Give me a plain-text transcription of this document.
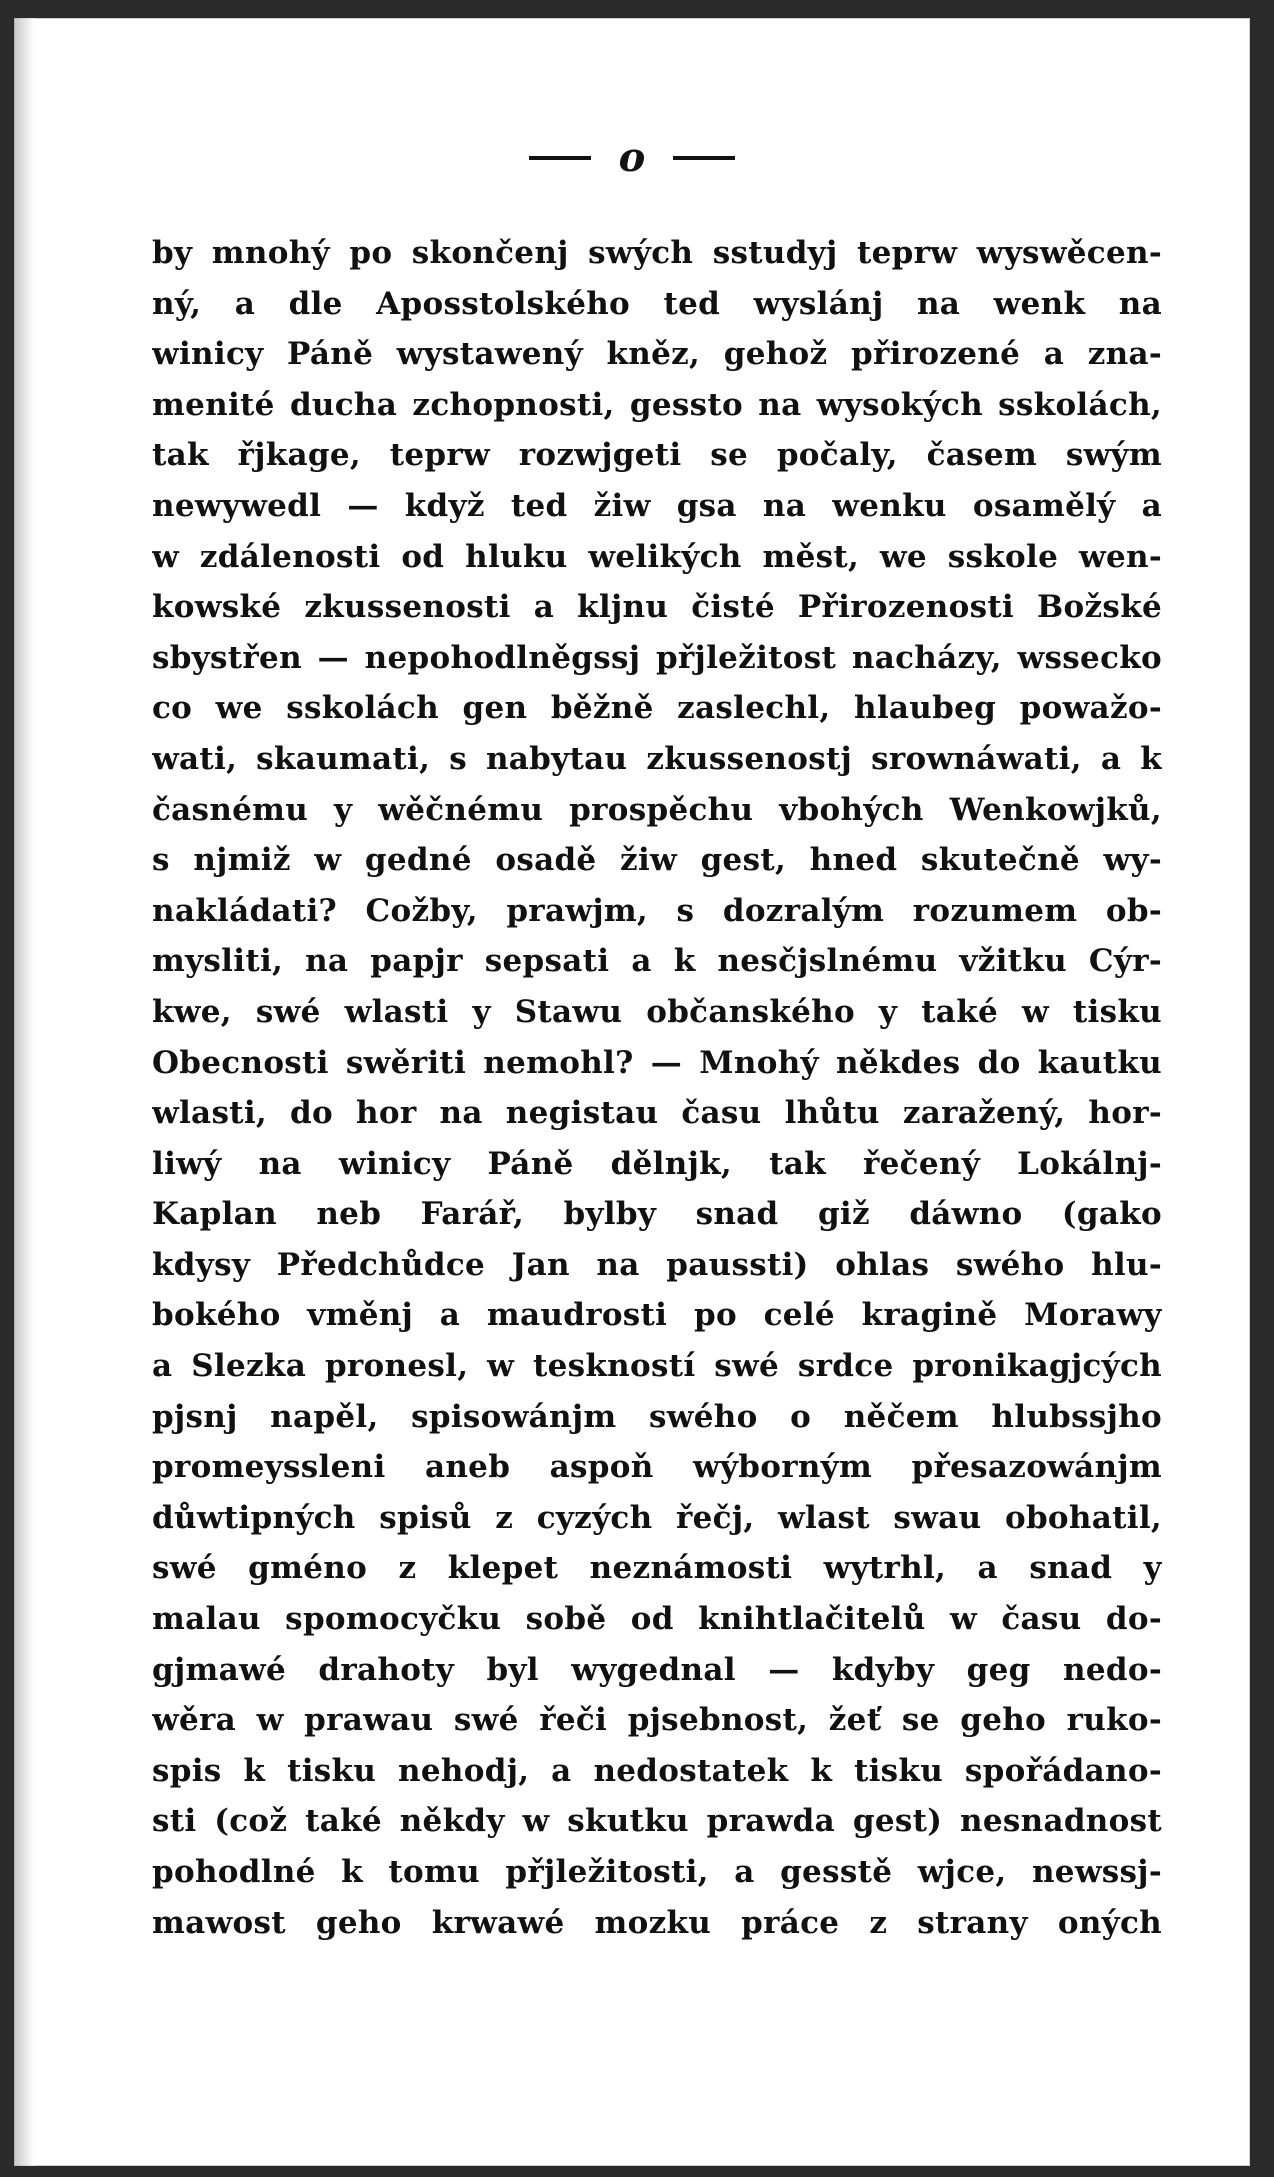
o
by mnohý po skončenj swých sstudyj teprw wyswěcen-
ný, a dle Aposstolského ted wyslánj na wenk na
winicy Páně wystawený kněz, gehož přirozené a zna-
menité ducha zchopnosti, gessto na wysokých sskolách,
tak řjkage, teprw rozwjgeti se počaly, časem swým
newywedl — když ted žiw gsa na wenku osamělý a
w zdálenosti od hluku welikých měst, we sskole wen-
kowské zkussenosti a kljnu čisté Přirozenosti Božské
sbystřen — nepohodlněgssj přjležitost nacházy, wssecko
co we sskolách gen běžně zaslechl, hlaubeg powažo-
wati, skaumati, s nabytau zkussenostj srownáwati, a k
časnému y wěčnému prospěchu vbohých Wenkowjků,
s njmiž w gedné osadě žiw gest, hned skutečně wy-
nakládati? Cožby, prawjm, s dozralým rozumem ob-
mysliti, na papjr sepsati a k nesčjslnému vžitku Cýr-
kwe, swé wlasti y Stawu občanského y také w tisku
Obecnosti swěriti nemohl? — Mnohý někdes do kautku
wlasti, do hor na negistau času lhůtu zaražený, hor-
liwý na winicy Páně dělnjk, tak řečený Lokálnj-
Kaplan neb Farář, bylby snad giž dáwno (gako
kdysy Předchůdce Jan na paussti) ohlas swého hlu-
bokého vměnj a maudrosti po celé kragině Morawy
a Slezka pronesl, w teskností swé srdce pronikagjcých
pjsnj napěl, spisowánjm swého o něčem hlubssjho
promeyssleni aneb aspoň wýborným přesazowánjm
důwtipných spisů z cyzých řečj, wlast swau obohatil,
swé gméno z klepet neznámosti wytrhl, a snad y
malau spomocyčku sobě od knihtlačitelů w času do-
gjmawé drahoty byl wygednal — kdyby geg nedo-
wěra w prawau swé řeči pjsebnost, žeť se geho ruko-
spis k tisku nehodj, a nedostatek k tisku spořádano-
sti (což také někdy w skutku prawda gest) nesnadnost
pohodlné k tomu přjležitosti, a gesstě wjce, newssj-
mawost geho krwawé mozku práce z strany oných
